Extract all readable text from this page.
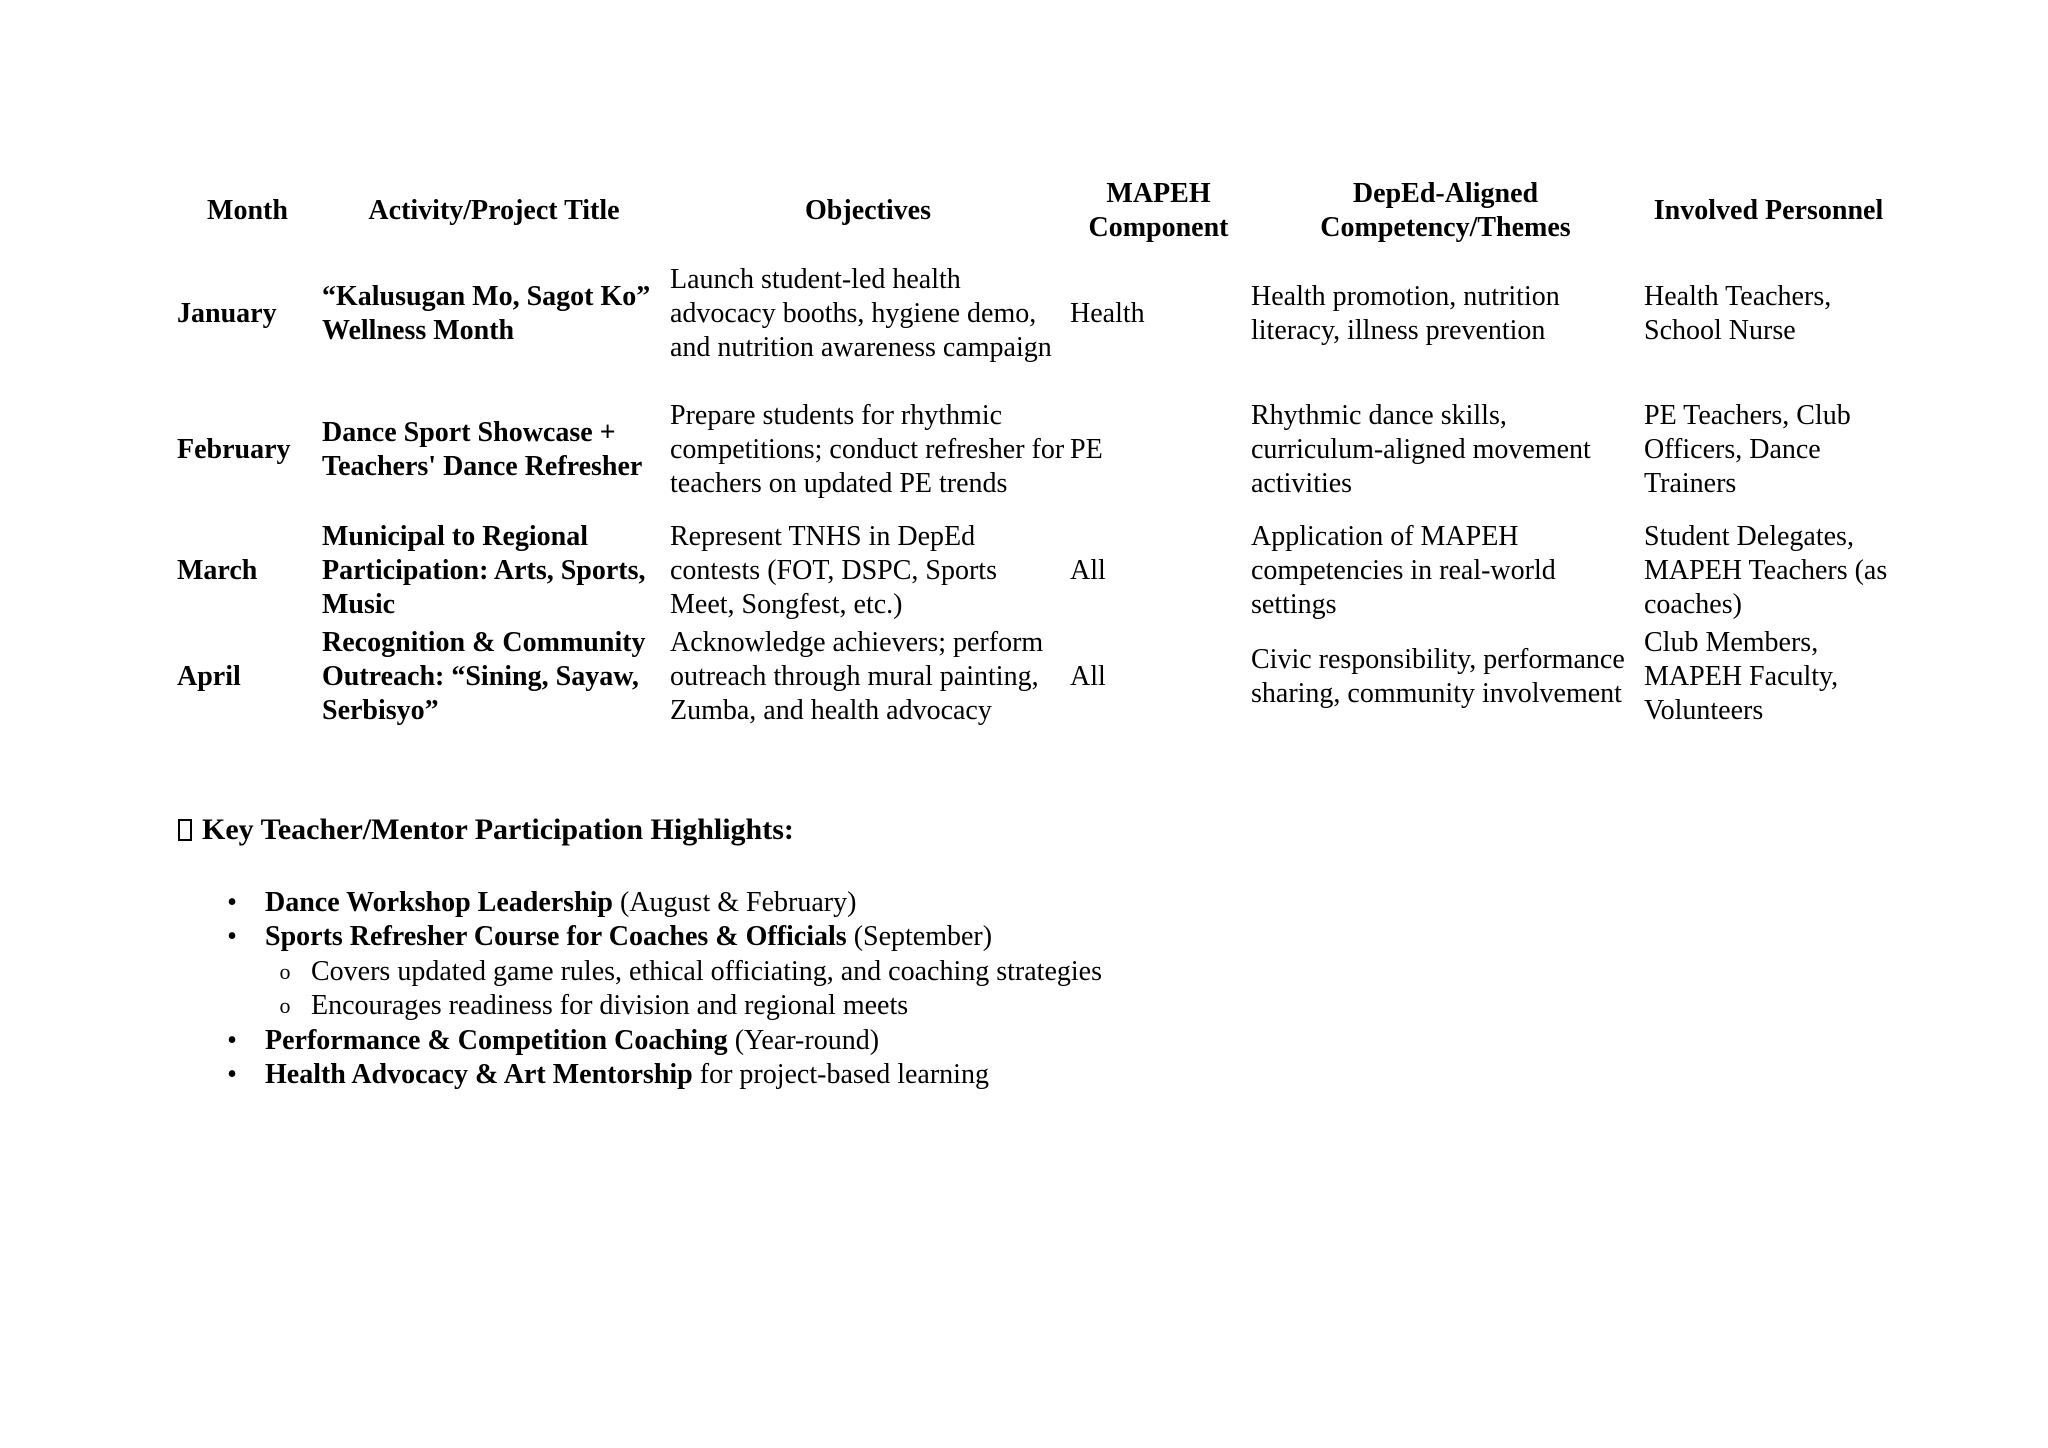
Month	Activity/Project Title	Objectives	MAPEH Component	DepEd-Aligned Competency/Themes	Involved Personnel
January	“Kalusugan Mo, Sagot Ko” Wellness Month	Launch student-led health advocacy booths, hygiene demo, and nutrition awareness campaign	Health	Health promotion, nutrition literacy, illness prevention	Health Teachers, School Nurse
February	Dance Sport Showcase + Teachers' Dance Refresher	Prepare students for rhythmic competitions; conduct refresher for teachers on updated PE trends	PE	Rhythmic dance skills, curriculum-aligned movement activities	PE Teachers, Club Officers, Dance Trainers
March	Municipal to Regional Participation: Arts, Sports, Music	Represent TNHS in DepEd contests (FOT, DSPC, Sports Meet, Songfest, etc.)	All	Application of MAPEH competencies in real-world settings	Student Delegates, MAPEH Teachers (as coaches)
April	Recognition & Community Outreach: “Sining, Sayaw, Serbisyo”	Acknowledge achievers; perform outreach through mural painting, Zumba, and health advocacy	All	Civic responsibility, performance sharing, community involvement	Club Members, MAPEH Faculty, Volunteers
Key Teacher/Mentor Participation Highlights:
• Dance Workshop Leadership (August & February)
• Sports Refresher Course for Coaches & Officials (September)
o Covers updated game rules, ethical officiating, and coaching strategies
o Encourages readiness for division and regional meets
• Performance & Competition Coaching (Year-round)
• Health Advocacy & Art Mentorship for project-based learning
